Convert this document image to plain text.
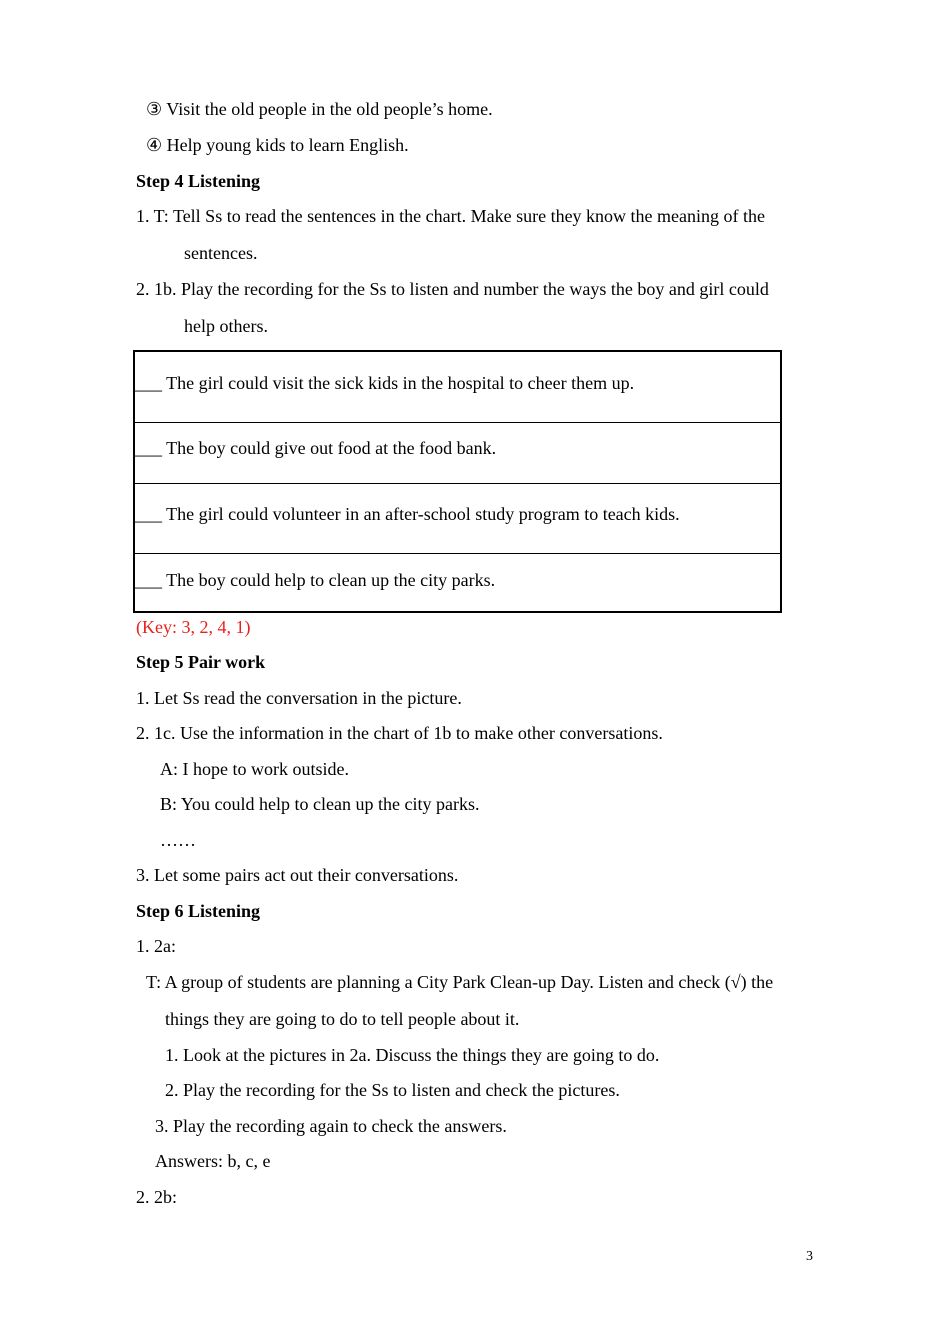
③ Visit the old people in the old people’s home.
④ Help young kids to learn English.
Step 4 Listening
1. T: Tell Ss to read the sentences in the chart. Make sure they know the meaning of the
sentences.
2. 1b. Play the recording for the Ss to listen and number the ways the boy and girl could
help others.
___ The girl could visit the sick kids in the hospital to cheer them up.
___ The boy could give out food at the food bank.
___ The girl could volunteer in an after-school study program to teach kids.
___ The boy could help to clean up the city parks.
(Key: 3, 2, 4, 1)
Step 5 Pair work
1. Let Ss read the conversation in the picture.
2. 1c. Use the information in the chart of 1b to make other conversations.
A: I hope to work outside.
B: You could help to clean up the city parks.
……
3. Let some pairs act out their conversations.
Step 6 Listening
1. 2a:
T: A group of students are planning a City Park Clean-up Day. Listen and check (√) the
things they are going to do to tell people about it.
1. Look at the pictures in 2a. Discuss the things they are going to do.
2. Play the recording for the Ss to listen and check the pictures.
3. Play the recording again to check the answers.
Answers: b, c, e
2. 2b:
3
